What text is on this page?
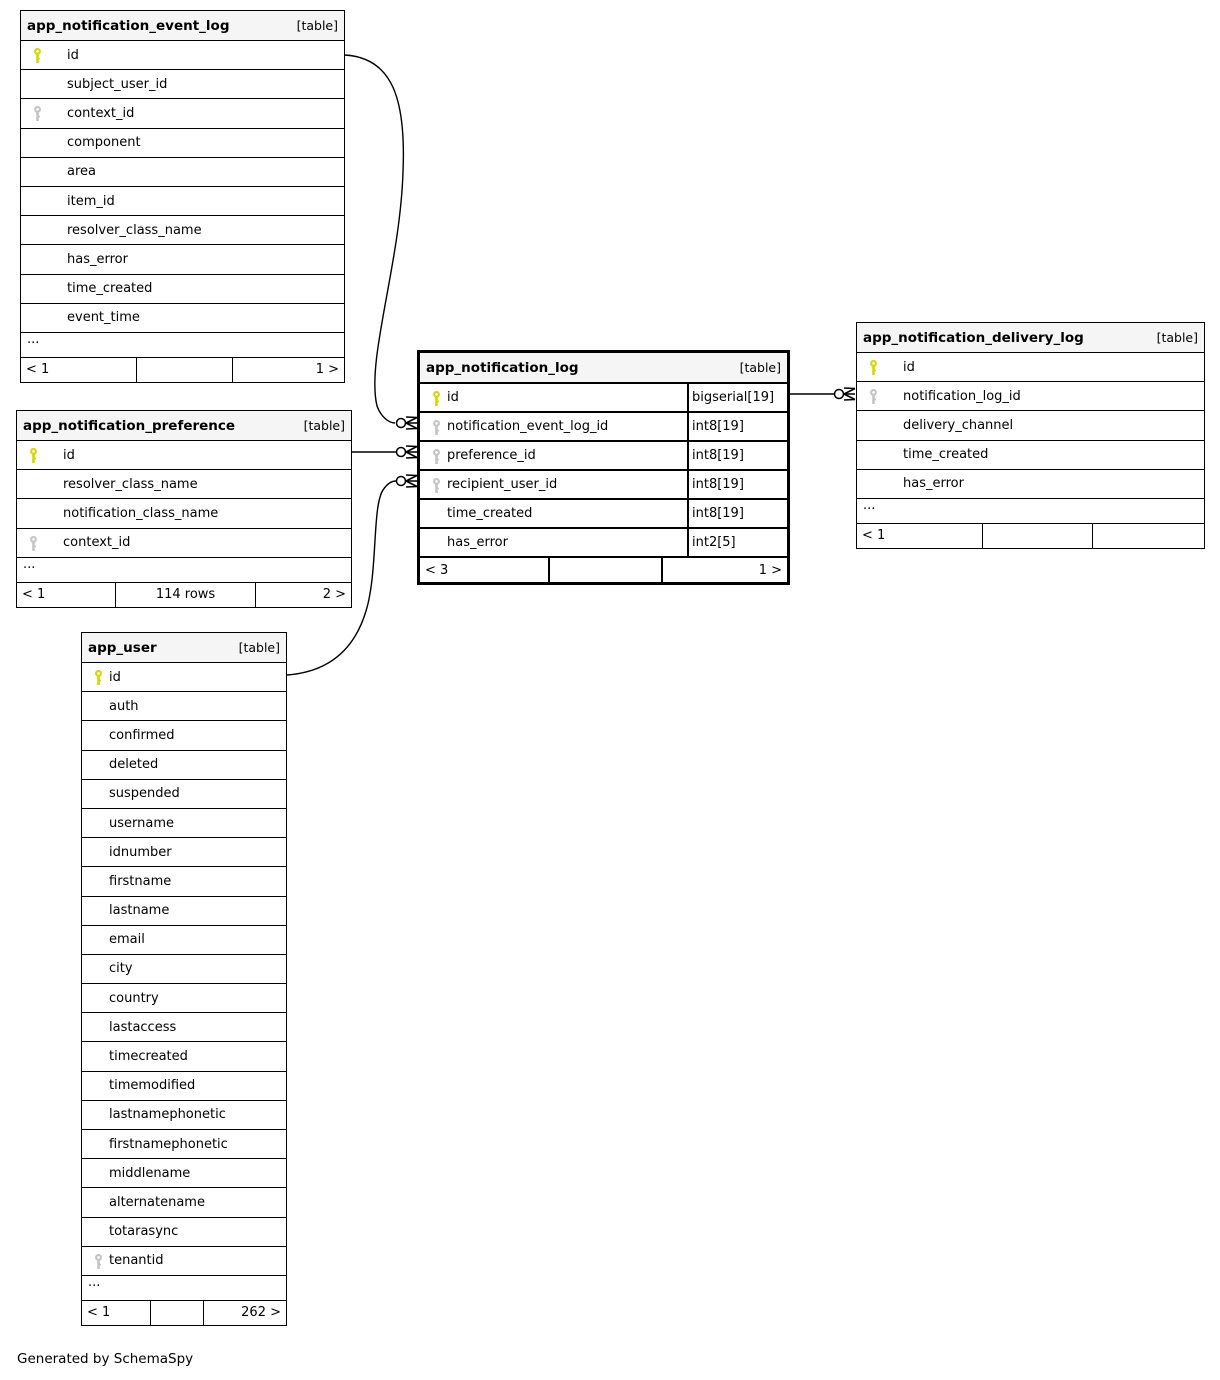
app_notification_event_log	[table]
id
subject_user_id
context_id
component
area
item_id
resolver_class_name
has_error
time_created
event_time
...
< 1	1 >
app_notification_preference	[table]
id
resolver_class_name
notification_class_name
context_id
...
< 1	114 rows	2 >
app_user	[table]
id
auth
confirmed
deleted
suspended
username
idnumber
firstname
lastname
email
city
country
lastaccess
timecreated
timemodified
lastnamephonetic
firstnamephonetic
middlename
alternatename
totarasync
tenantid
...
< 1	262 >
app_notification_log	[table]
id	bigserial[19]
notification_event_log_id	int8[19]
preference_id	int8[19]
recipient_user_id	int8[19]
time_created	int8[19]
has_error	int2[5]
< 3	1 >
app_notification_delivery_log	[table]
id
notification_log_id
delivery_channel
time_created
has_error
...
< 1
Generated by SchemaSpy
